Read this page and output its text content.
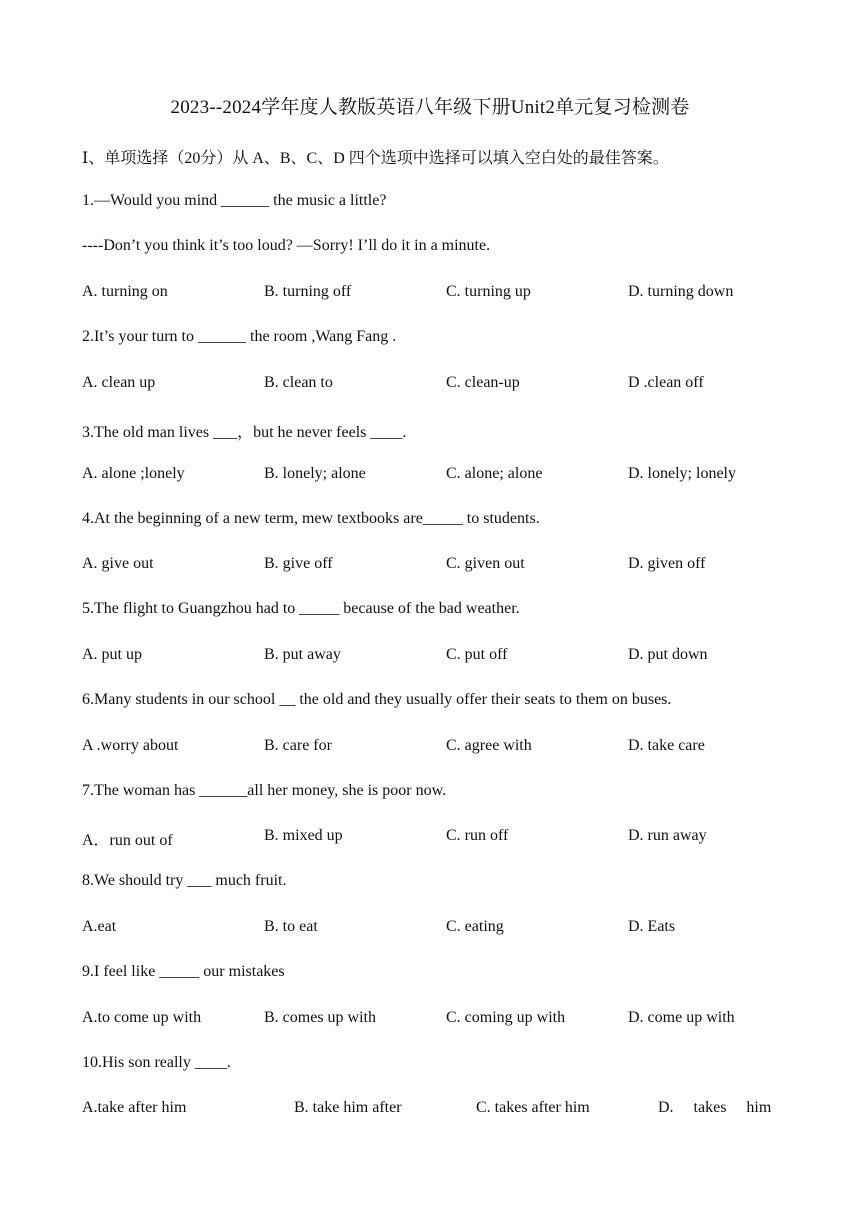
2023--2024学年度人教版英语八年级下册Unit2单元复习检测卷
Ⅰ、单项选择（20分）从 A、B、C、D 四个选项中选择可以填入空白处的最佳答案。
1.—Would you mind ______ the music a little?
----Don’t you think it’s too loud? —Sorry! I’ll do it in a minute.
A. turning on	B. turning off	C. turning up	D. turning down
2.It’s your turn to ______ the room ,Wang Fang .
A. clean up	B. clean to	C. clean-up	D .clean off
3.The old man lives ___，but he never feels ____.
A. alone ;lonely	B. lonely; alone	C. alone; alone	D. lonely; lonely
4.At the beginning of a new term, mew textbooks are_____ to students.
A. give out	B. give off	C. given out	D. given off
5.The flight to Guangzhou had to _____ because of the bad weather.
A. put up	B. put away	C. put off	D. put down
6.Many students in our school __ the old and they usually offer their seats to them on buses.
A .worry about	B. care for	C. agree with	D. take care
7.The woman has ______all her money, she is poor now.
A．run out of	B. mixed up	C. run off	D. run away
8.We should try ___ much fruit.
A.eat	B. to eat	C. eating	D. Eats
9.I feel like _____ our mistakes
A.to come up with	B. comes up with	C. coming up with	D. come up with
10.His son really ____.
A.take after him	B. take him after	C. takes after him	D.     takes     him
